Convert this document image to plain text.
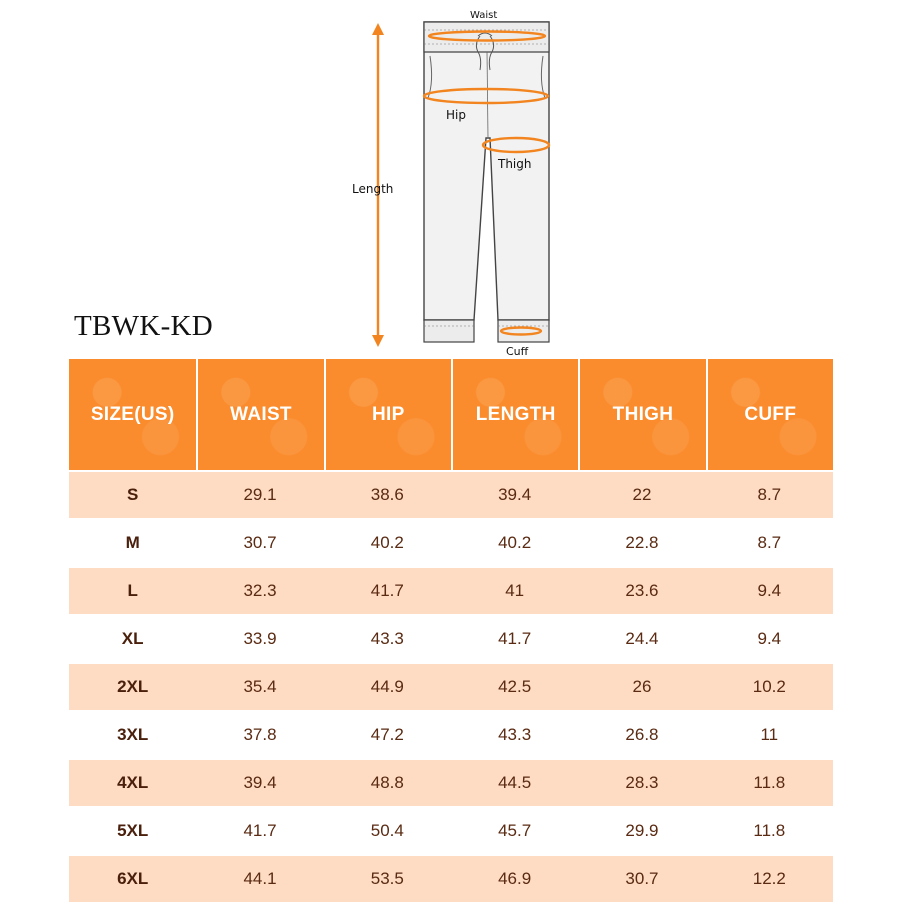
Waist
Hip
Thigh
Length
Cuff
TBWK-KD
SIZE(US)	WAIST	HIP	LENGTH	THIGH	CUFF
S	29.1	38.6	39.4	22	8.7
M	30.7	40.2	40.2	22.8	8.7
L	32.3	41.7	41	23.6	9.4
XL	33.9	43.3	41.7	24.4	9.4
2XL	35.4	44.9	42.5	26	10.2
3XL	37.8	47.2	43.3	26.8	11
4XL	39.4	48.8	44.5	28.3	11.8
5XL	41.7	50.4	45.7	29.9	11.8
6XL	44.1	53.5	46.9	30.7	12.2
